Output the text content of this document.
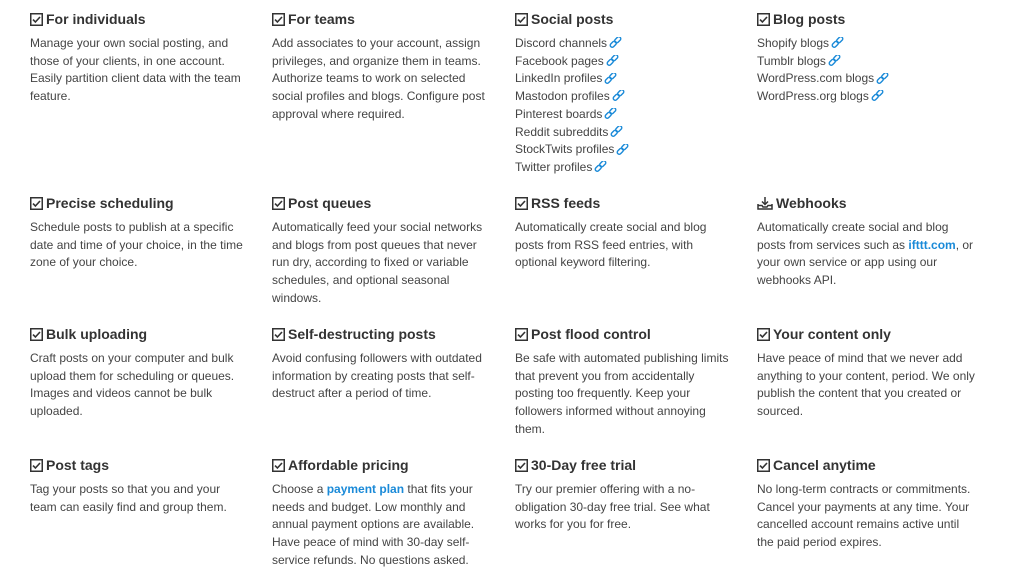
For individuals
Manage your own social posting, and those of your clients, in one account. Easily partition client data with the team feature.
For teams
Add associates to your account, assign privileges, and organize them in teams. Authorize teams to work on selected social profiles and blogs. Configure post approval where required.
Social posts
Discord channels
Facebook pages
LinkedIn profiles
Mastodon profiles
Pinterest boards
Reddit subreddits
StockTwits profiles
Twitter profiles
Blog posts
Shopify blogs
Tumblr blogs
WordPress.com blogs
WordPress.org blogs
Precise scheduling
Schedule posts to publish at a specific date and time of your choice, in the time zone of your choice.
Post queues
Automatically feed your social networks and blogs from post queues that never run dry, according to fixed or variable schedules, and optional seasonal windows.
RSS feeds
Automatically create social and blog posts from RSS feed entries, with optional keyword filtering.
Webhooks
Automatically create social and blog posts from services such as ifttt.com, or your own service or app using our webhooks API.
Bulk uploading
Craft posts on your computer and bulk upload them for scheduling or queues. Images and videos cannot be bulk uploaded.
Self-destructing posts
Avoid confusing followers with outdated information by creating posts that self-destruct after a period of time.
Post flood control
Be safe with automated publishing limits that prevent you from accidentally posting too frequently. Keep your followers informed without annoying them.
Your content only
Have peace of mind that we never add anything to your content, period. We only publish the content that you created or sourced.
Post tags
Tag your posts so that you and your team can easily find and group them.
Affordable pricing
Choose a payment plan that fits your needs and budget. Low monthly and annual payment options are available. Have peace of mind with 30-day self-service refunds. No questions asked.
30-Day free trial
Try our premier offering with a no-obligation 30-day free trial. See what works for you for free.
Cancel anytime
No long-term contracts or commitments. Cancel your payments at any time. Your cancelled account remains active until the paid period expires.
